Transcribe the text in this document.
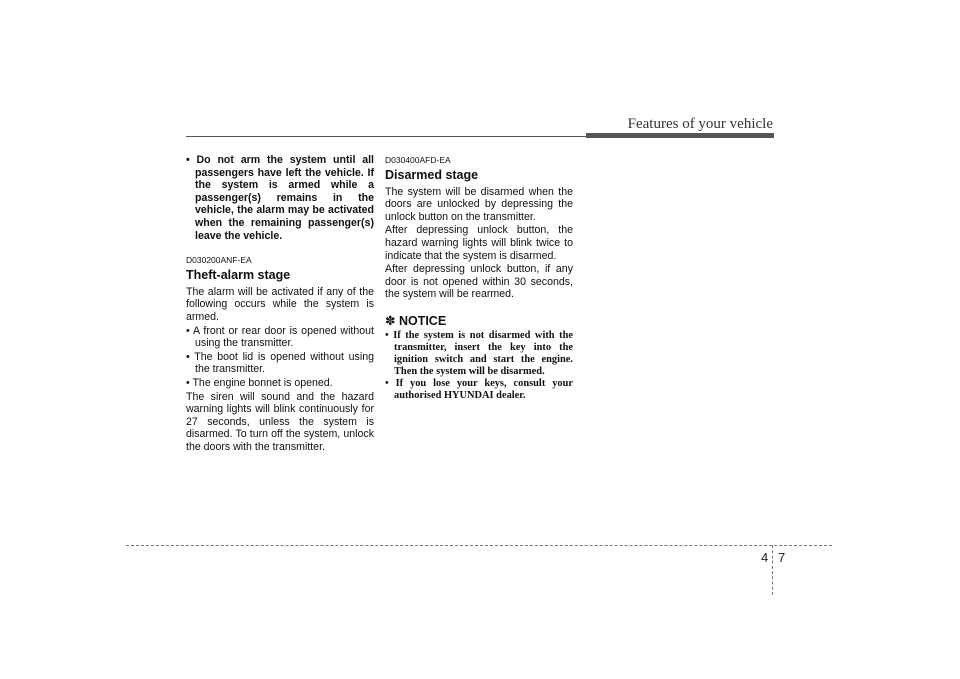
Features of your vehicle

• Do not arm the system until all passengers have left the vehicle. If the system is armed while a passenger(s) remains in the vehicle, the alarm may be activated when the remaining passenger(s) leave the vehicle.

D030200ANF-EA
Theft-alarm stage

The alarm will be activated if any of the following occurs while the system is armed.

• A front or rear door is opened without using the transmitter.

• The boot lid is opened without using the transmitter.

• The engine bonnet is opened.

The siren will sound and the hazard warning lights will blink continuously for 27 seconds, unless the system is disarmed. To turn off the system, unlock the doors with the transmitter.

D030400AFD-EA
Disarmed stage

The system will be disarmed when the doors are unlocked by depressing the unlock button on the transmitter.

After depressing unlock button, the hazard warning lights will blink twice to indicate that the system is disarmed.

After depressing unlock button, if any door is not opened within 30 seconds, the system will be rearmed.

✽ NOTICE

• If the system is not disarmed with the transmitter, insert the key into the ignition switch and start the engine. Then the system will be disarmed.

• If you lose your keys, consult your authorised HYUNDAI dealer.

4 7
